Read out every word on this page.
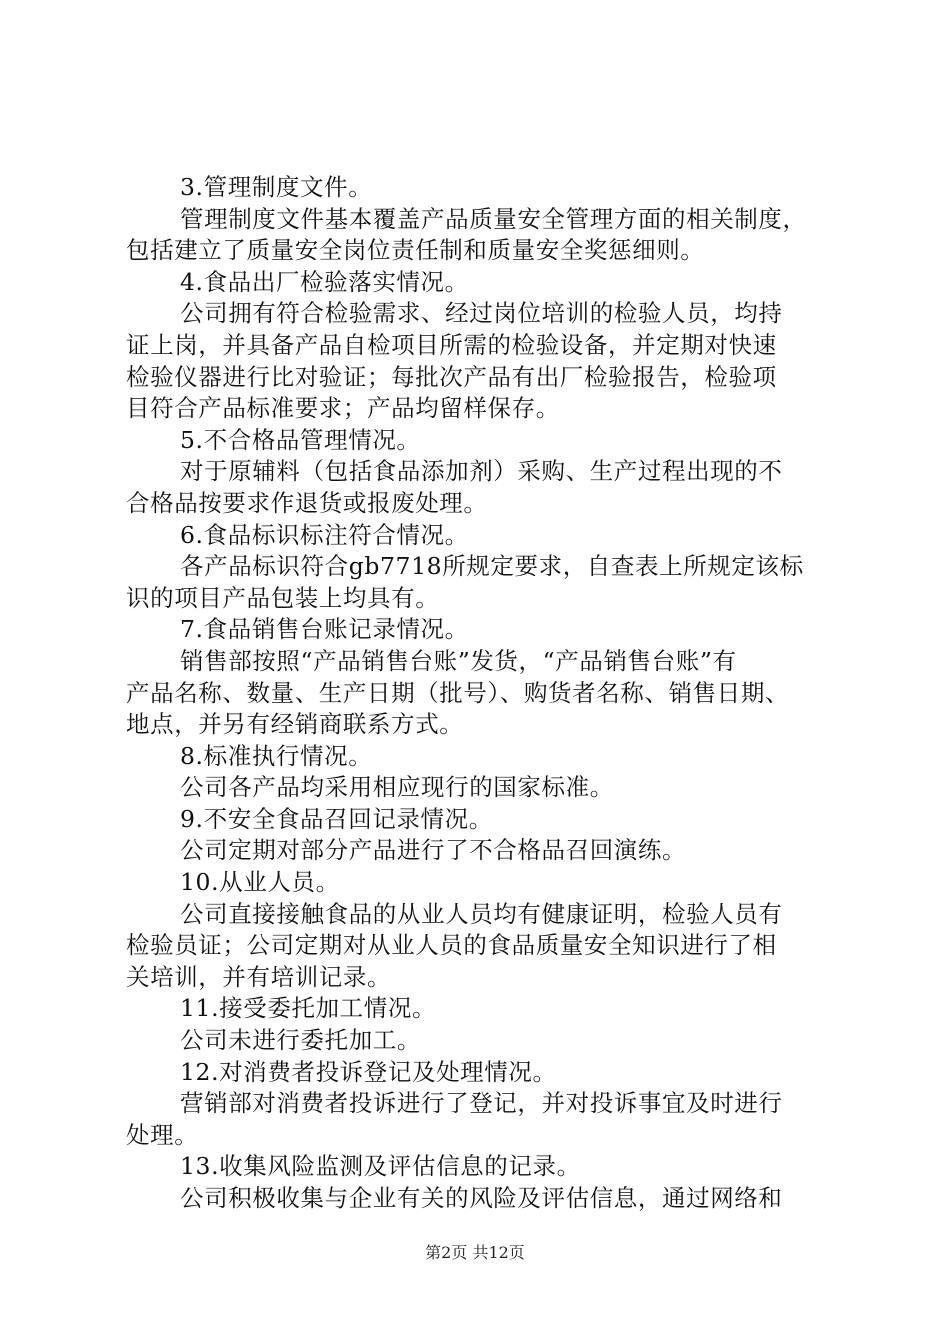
3.管理制度文件。
管理制度文件基本覆盖产品质量安全管理方面的相关制度，
包括建立了质量安全岗位责任制和质量安全奖惩细则。
4.食品出厂检验落实情况。
公司拥有符合检验需求、经过岗位培训的检验人员，均持
证上岗，并具备产品自检项目所需的检验设备，并定期对快速
检验仪器进行比对验证；每批次产品有出厂检验报告，检验项
目符合产品标准要求；产品均留样保存。
5.不合格品管理情况。
对于原辅料（包括食品添加剂）采购、生产过程出现的不
合格品按要求作退货或报废处理。
6.食品标识标注符合情况。
各产品标识符合gb7718所规定要求，自查表上所规定该标
识的项目产品包装上均具有。
7.食品销售台账记录情况。
销售部按照“产品销售台账”发货，“产品销售台账”有
产品名称、数量、生产日期（批号）、购货者名称、销售日期、
地点，并另有经销商联系方式。
8.标准执行情况。
公司各产品均采用相应现行的国家标准。
9.不安全食品召回记录情况。
公司定期对部分产品进行了不合格品召回演练。
10.从业人员。
公司直接接触食品的从业人员均有健康证明，检验人员有
检验员证；公司定期对从业人员的食品质量安全知识进行了相
关培训，并有培训记录。
11.接受委托加工情况。
公司未进行委托加工。
12.对消费者投诉登记及处理情况。
营销部对消费者投诉进行了登记，并对投诉事宜及时进行
处理。
13.收集风险监测及评估信息的记录。
公司积极收集与企业有关的风险及评估信息，通过网络和
第2页 共12页
